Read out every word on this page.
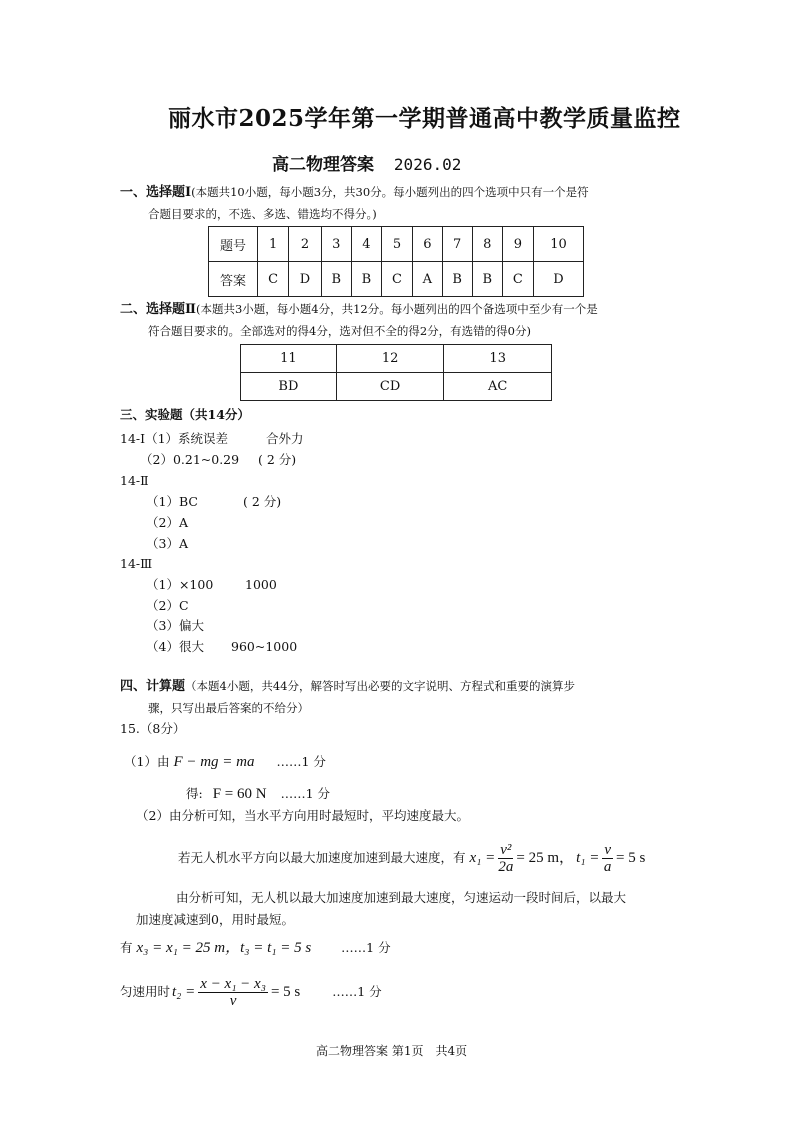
丽水市2025学年第一学期普通高中教学质量监控
高二物理答案 2026.02
一、选择题Ⅰ(本题共10小题，每小题3分，共30分。每小题列出的四个选项中只有一个是符
合题目要求的，不选、多选、错选均不得分。)
题号	1	2	3	4	5	6	7	8	9	10
答案	C	D	B	B	C	A	B	B	C	D
二、选择题Ⅱ(本题共3小题，每小题4分，共12分。每小题列出的四个备选项中至少有一个是
符合题目要求的。全部选对的得4分，选对但不全的得2分，有选错的得0分)
11	12	13
BD	CD	AC
三、实验题（共14分）
14-Ⅰ（1）系统误差	合外力
（2）0.21~0.29 ( 2 分)
14-Ⅱ
（1）BC	( 2 分)
（2）A
（3）A
14-Ⅲ
（1）×100	1000
（2）C
（3）偏大
（4）很大 960~1000
四、计算题（本题4小题，共44分，解答时写出必要的文字说明、方程式和重要的演算步
骤，只写出最后答案的不给分）
15.（8分）
（1）由 F − mg = ma ……1 分
得: F = 60 N ……1 分
（2）由分析可知，当水平方向用时最短时，平均速度最大。
若无人机水平方向以最大加速度加速到最大速度，有 $x_1 = \frac{\text{v²}}{2a} = 25$ m， $t_1 = \frac{v}{a} = 5$ s
由分析可知，无人机以最大加速度加速到最大速度，匀速运动一段时间后，以最大
加速度减速到0，用时最短。
有 x₃ = x₁ = 25 m，t₃ = t₁ = 5 s ……1 分
匀速用时 $t_2 = \frac{\text{x − x₁ − x₃}}{v} = 5$ s	……1 分
高二物理答案 第1页　共4页
